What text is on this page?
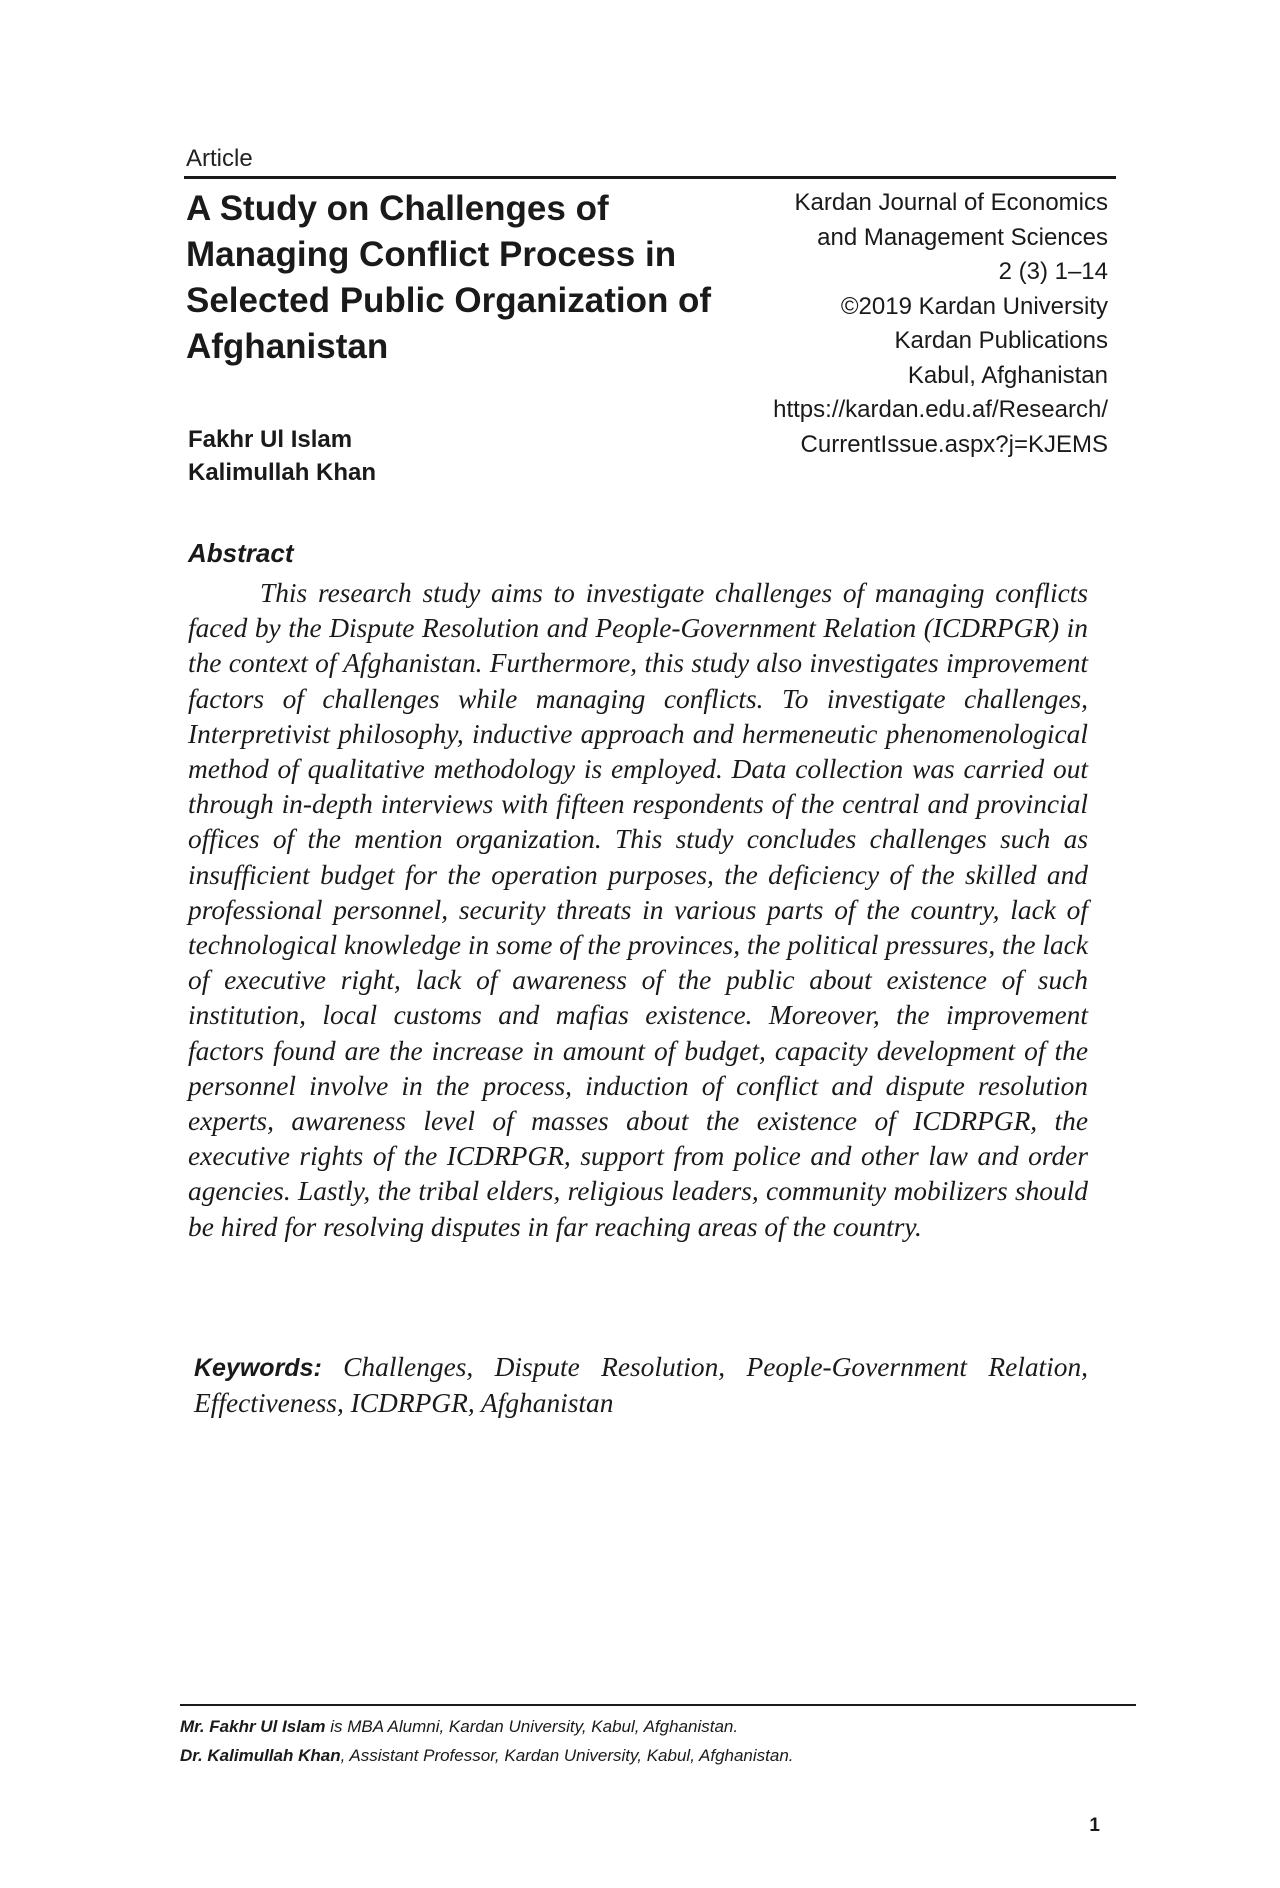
Article
A Study on Challenges of Managing Conflict Process in Selected Public Organization of Afghanistan
Kardan Journal of Economics
and Management Sciences
2 (3) 1–14
©2019 Kardan University
Kardan Publications
Kabul, Afghanistan
https://kardan.edu.af/Research/
CurrentIssue.aspx?j=KJEMS
Fakhr Ul Islam
Kalimullah Khan
Abstract

This research study aims to investigate challenges of managing conflicts faced by the Dispute Resolution and People-Government Relation (ICDRPGR) in the context of Afghanistan. Furthermore, this study also investigates improvement factors of challenges while managing conflicts. To investigate challenges, Interpretivist philosophy, inductive approach and hermeneutic phenomenological method of qualitative methodology is employed. Data collection was carried out through in-depth interviews with fifteen respondents of the central and provincial offices of the mention organization. This study concludes challenges such as insufficient budget for the operation purposes, the deficiency of the skilled and professional personnel, security threats in various parts of the country, lack of technological knowledge in some of the provinces, the political pressures, the lack of executive right, lack of awareness of the public about existence of such institution, local customs and mafias existence. Moreover, the improvement factors found are the increase in amount of budget, capacity development of the personnel involve in the process, induction of conflict and dispute resolution experts, awareness level of masses about the existence of ICDRPGR, the executive rights of the ICDRPGR, support from police and other law and order agencies. Lastly, the tribal elders, religious leaders, community mobilizers should be hired for resolving disputes in far reaching areas of the country.

Keywords: Challenges, Dispute Resolution, People-Government Relation, Effectiveness, ICDRPGR, Afghanistan

Mr. Fakhr Ul Islam is MBA Alumni, Kardan University, Kabul, Afghanistan.
Dr. Kalimullah Khan, Assistant Professor, Kardan University, Kabul, Afghanistan.
1
